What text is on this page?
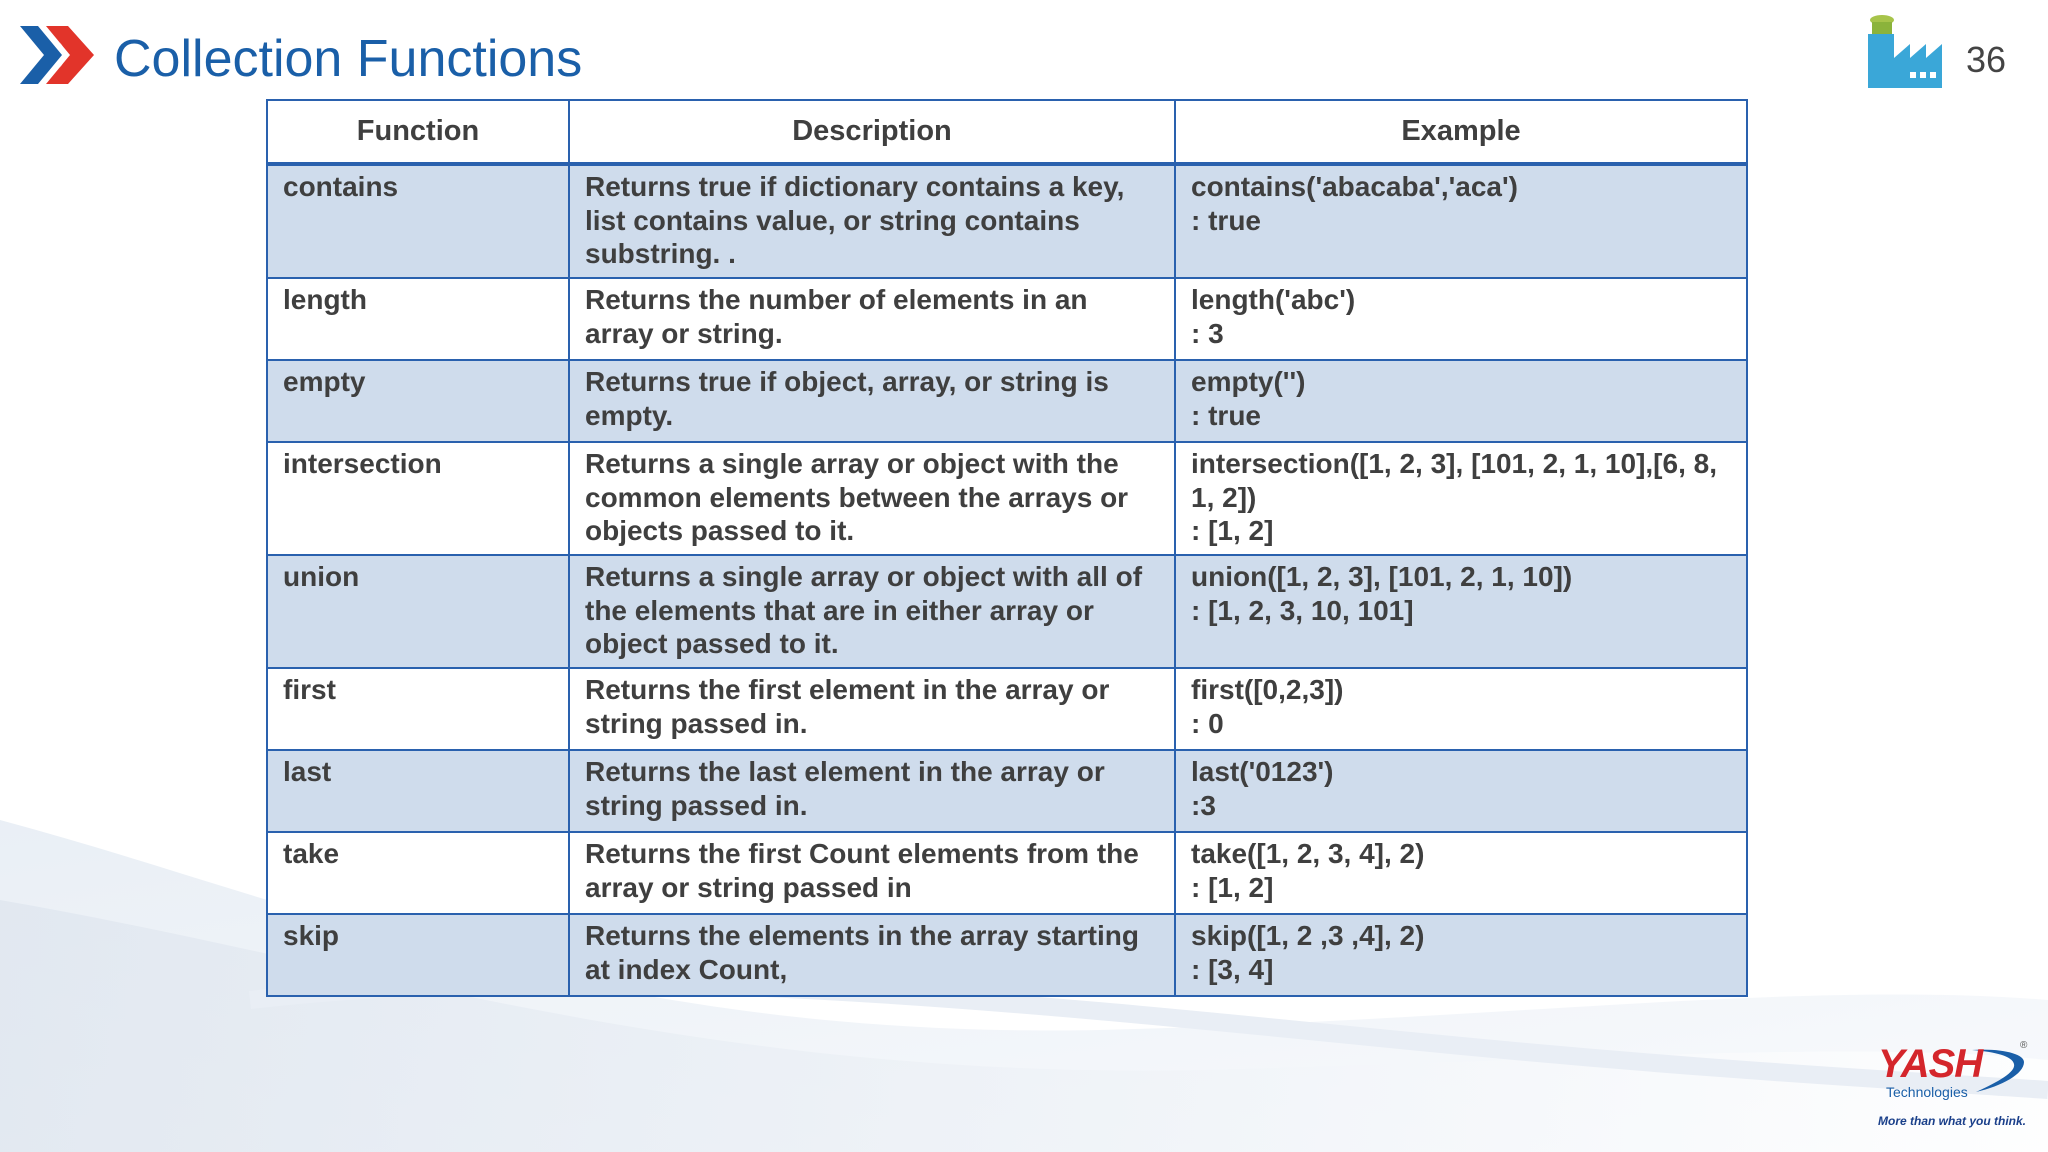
Collection Functions	36
Function	Description	Example
contains	Returns true if dictionary contains a key,
list contains value, or string contains
substring. .	contains('abacaba','aca')
: true
length	Returns the number of elements in an
array or string.	length('abc')
: 3
empty	Returns true if object, array, or string is
empty.	empty('')
: true
intersection	Returns a single array or object with the
common elements between the arrays or
objects passed to it.	intersection([1, 2, 3], [101, 2, 1, 10],[6, 8,
1, 2])
: [1, 2]
union	Returns a single array or object with all of
the elements that are in either array or
object passed to it.	union([1, 2, 3], [101, 2, 1, 10])
: [1, 2, 3, 10, 101]
first	Returns the first element in the array or
string passed in.	first([0,2,3])
: 0
last	Returns the last element in the array or
string passed in.	last('0123')
:3
take	Returns the first Count elements from the
array or string passed in	take([1, 2, 3, 4], 2)
: [1, 2]
skip	Returns the elements in the array starting
at index Count,	skip([1, 2 ,3 ,4], 2)
: [3, 4]
®
YASH
Technologies
More than what you think.
